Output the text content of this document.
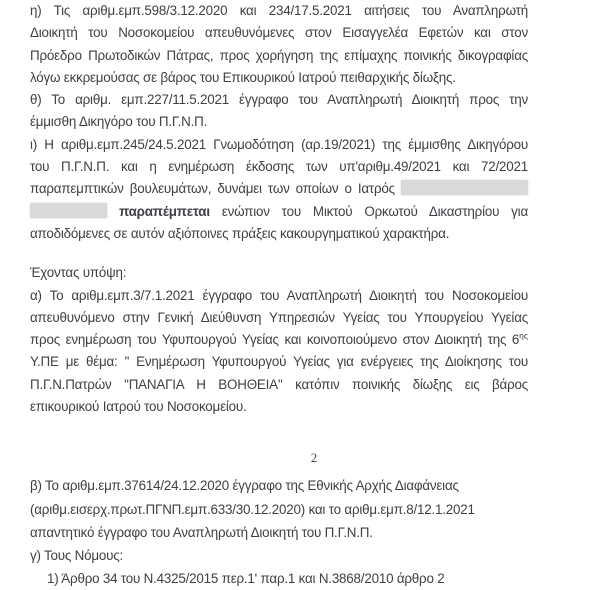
η) Τις αριθμ.εμπ.598/3.12.2020 και 234/17.5.2021 αιτήσεις του Αναπληρωτή
Διοικητή του Νοσοκομείου απευθυνόμενες στον Εισαγγελέα Εφετών και στον
Πρόεδρο Πρωτοδικών Πάτρας, προς χορήγηση της επίμαχης ποινικής δικογραφίας
λόγω εκκρεμούσας σε βάρος του Επικουρικού Ιατρού πειθαρχικής δίωξης.
θ) Το αριθμ. εμπ.227/11.5.2021 έγγραφο του Αναπληρωτή Διοικητή προς την
έμμισθη Δικηγόρο του Π.Γ.Ν.Π.
ι) Η αριθμ.εμπ.245/24.5.2021 Γνωμοδότηση (αρ.19/2021) της έμμισθης Δικηγόρου
του Π.Γ.Ν.Π. και η ενημέρωση έκδοσης των υπ'αριθμ.49/2021 και 72/2021
παραπεμπτικών βουλευμάτων, δυνάμει των οποίων ο Ιατρός
παραπέμπεται ενώπιον του Μικτού Ορκωτού Δικαστηρίου για
αποδιδόμενες σε αυτόν αξιόποινες πράξεις κακουργηματικού χαρακτήρα.
Έχοντας υπόψη:
α) Το αριθμ.εμπ.3/7.1.2021 έγγραφο του Αναπληρωτή Διοικητή του Νοσοκομείου
απευθυνόμενο στην Γενική Διεύθυνση Υπηρεσιών Υγείας του Υπουργείου Υγείας
προς ενημέρωση του Υφυπουργού Υγείας και κοινοποιούμενο στον Διοικητή της $6^{\eta\varsigma}$
Υ.ΠΕ με θέμα: '' Ενημέρωση Υφυπουργού Υγείας για ενέργειες της Διοίκησης του
Π.Γ.Ν.Πατρών ''ΠΑΝΑΓΙΑ Η ΒΟΗΘΕΙΑ'' κατόπιν ποινικής δίωξης εις βάρος
επικουρικού Ιατρού του Νοσοκομείου.
2
β) Το αριθμ.εμπ.37614/24.12.2020 έγγραφο της Εθνικής Αρχής Διαφάνειας
(αριθμ.εισερχ.πρωτ.ΠΓΝΠ.εμπ.633/30.12.2020) και το αριθμ.εμπ.8/12.1.2021
απαντητικό έγγραφο του Αναπληρωτή Διοικητή του Π.Γ.Ν.Π.
γ) Τους Νόμους:
1) Άρθρο 34 του Ν.4325/2015 περ.1' παρ.1 και Ν.3868/2010 άρθρο 2
